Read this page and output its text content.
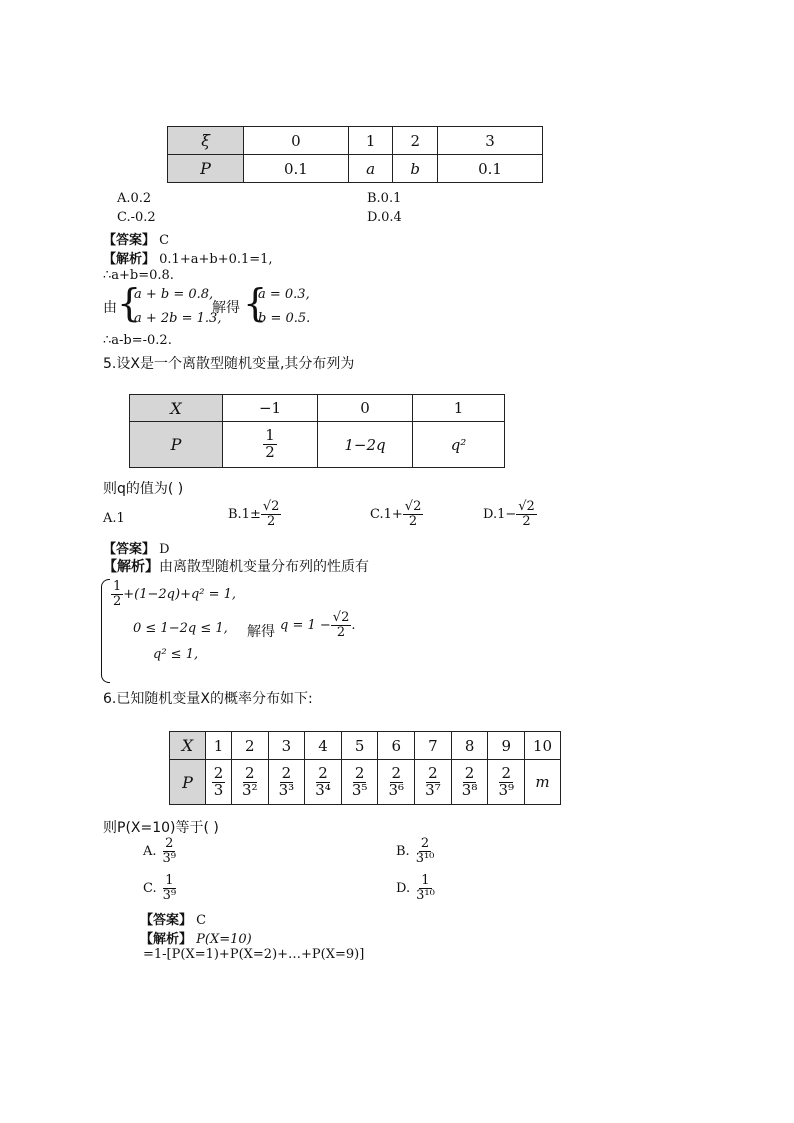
ξ	0	1	2	3
P	0.1	a	b	0.1
A.0.2	B.0.1
C.-0.2	D.0.4
【答案】 C
【解析】 0.1+a+b+0.1=1,
∴a+b=0.8.
由 {
a + b = 0.8,
a + 2b = 1.3,
解得 {
a = 0.3,
b = 0.5.
∴a-b=-0.2.
5.设X是一个离散型随机变量,其分布列为
X	−1	0	1
P	$\frac{1}{2}$	1−2q	q²
则q的值为( )
A.1	$B.1\pm \frac{√2}{2}$	$C.1+ \frac{√2}{2}$	$D.1- \frac{√2}{2}$
【答案】 D
【解析】由离散型随机变量分布列的性质有
$\frac{1}{2} +(1-2q)+q^2 = 1$,
0 ≤ 1−2q ≤ 1,
q² ≤ 1,
解得 $q = 1 - \frac{√2}{2}$ .
6.已知随机变量X的概率分布如下:
X	1	2	3	4	5	6	7	8	9	10
P	$\frac{2}{3}$	$\frac{2}{\text{3²}}$	$\frac{2}{\text{3³}}$	$\frac{2}{\text{3⁴}}$	$\frac{2}{\text{3⁵}}$	$\frac{2}{\text{3⁶}}$	$\frac{2}{\text{3⁷}}$	$\frac{2}{\text{3⁸}}$	$\frac{2}{\text{3⁹}}$	m
则P(X=10)等于( )
A. $\frac{2}{\text{3⁹}}$	B. $\frac{2}{\text{3¹⁰}}$
C. $\frac{1}{\text{3⁹}}$	D. $\frac{1}{\text{3¹⁰}}$
【答案】 C
【解析】 P(X=10)
=1-[P(X=1)+P(X=2)+…+P(X=9)]
